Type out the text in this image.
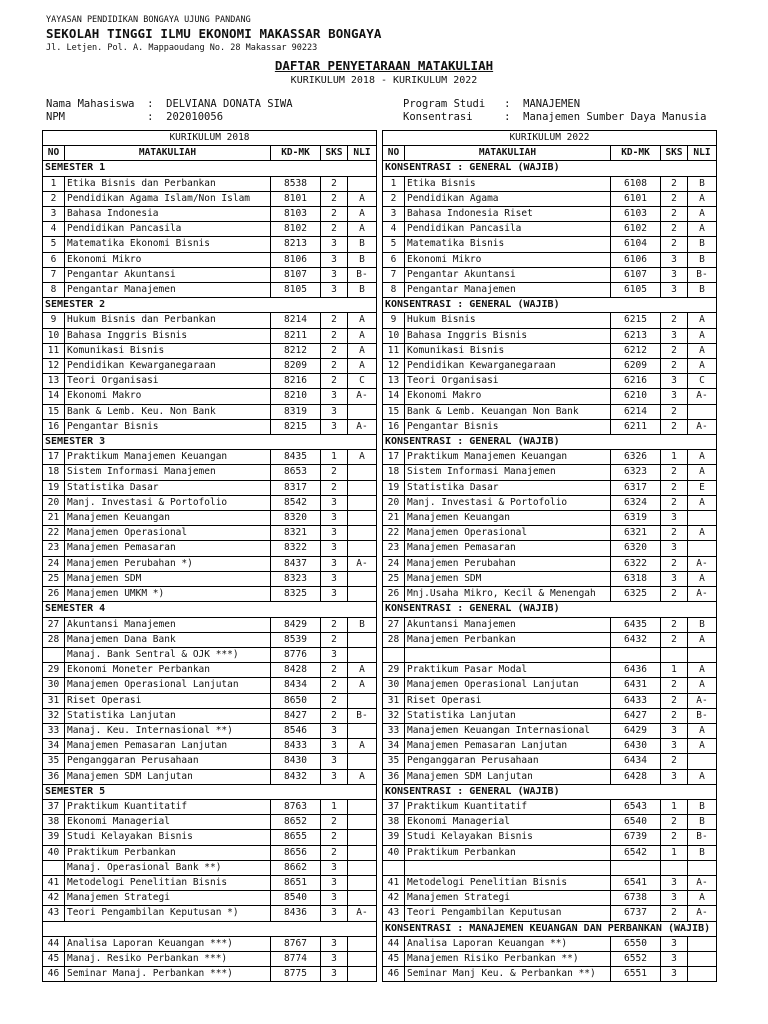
YAYASAN PENDIDIKAN BONGAYA UJUNG PANDANG
SEKOLAH TINGGI ILMU EKONOMI MAKASSAR BONGAYA
Jl. Letjen. Pol. A. Mappaoudang No. 28 Makassar 90223
DAFTAR PENYETARAAN MATAKULIAH
KURIKULUM 2018 - KURIKULUM 2022
Nama Mahasiswa  :  DELVIANA DONATA SIWA
NPM             :  202010056
Program Studi   :  MANAJEMEN
Konsentrasi     :  Manajemen Sumber Daya Manusia
KURIKULUM 2018				
NO	MATAKULIAH	KD-MK	SKS	NLI
SEMESTER 1				
1	Etika Bisnis dan Perbankan	8538	2	
2	Pendidikan Agama Islam/Non Islam	8101	2	A
3	Bahasa Indonesia	8103	2	A
4	Pendidikan Pancasila	8102	2	A
5	Matematika Ekonomi Bisnis	8213	3	B
6	Ekonomi Mikro	8106	3	B
7	Pengantar Akuntansi	8107	3	B-
8	Pengantar Manajemen	8105	3	B
SEMESTER 2				
9	Hukum Bisnis dan Perbankan	8214	2	A
10	Bahasa Inggris Bisnis	8211	2	A
11	Komunikasi Bisnis	8212	2	A
12	Pendidikan Kewarganegaraan	8209	2	A
13	Teori Organisasi	8216	2	C
14	Ekonomi Makro	8210	3	A-
15	Bank & Lemb. Keu. Non Bank	8319	3	
16	Pengantar Bisnis	8215	3	A-
SEMESTER 3				
17	Praktikum Manajemen Keuangan	8435	1	A
18	Sistem Informasi Manajemen	8653	2	
19	Statistika Dasar	8317	2	
20	Manj. Investasi & Portofolio	8542	3	
21	Manajemen Keuangan	8320	3	
22	Manajemen Operasional	8321	3	
23	Manajemen Pemasaran	8322	3	
24	Manajemen Perubahan *)	8437	3	A-
25	Manajemen SDM	8323	3	
26	Manajemen UMKM *)	8325	3	
SEMESTER 4				
27	Akuntansi Manajemen	8429	2	B
28	Manajemen Dana Bank	8539	2	
	Manaj. Bank Sentral & OJK ***)	8776	3	
29	Ekonomi Moneter Perbankan	8428	2	A
30	Manajemen Operasional Lanjutan	8434	2	A
31	Riset Operasi	8650	2	
32	Statistika Lanjutan	8427	2	B-
33	Manaj. Keu. Internasional **)	8546	3	
34	Manajemen Pemasaran Lanjutan	8433	3	A
35	Penganggaran Perusahaan	8430	3	
36	Manajemen SDM Lanjutan	8432	3	A
SEMESTER 5				
37	Praktikum Kuantitatif	8763	1	
38	Ekonomi Managerial	8652	2	
39	Studi Kelayakan Bisnis	8655	2	
40	Praktikum Perbankan	8656	2	
	Manaj. Operasional Bank **)	8662	3	
41	Metodelogi Penelitian Bisnis	8651	3	
42	Manajemen Strategi	8540	3	
43	Teori Pengambilan Keputusan *)	8436	3	A-

44	Analisa Laporan Keuangan ***)	8767	3	
45	Manaj. Resiko Perbankan ***)	8774	3	
46	Seminar Manaj. Perbankan ***)	8775	3	
KURIKULUM 2022				
NO	MATAKULIAH	KD-MK	SKS	NLI
KONSENTRASI : GENERAL (WAJIB)				
1	Etika Bisnis	6108	2	B
2	Pendidikan Agama	6101	2	A
3	Bahasa Indonesia Riset	6103	2	A
4	Pendidikan Pancasila	6102	2	A
5	Matematika Bisnis	6104	2	B
6	Ekonomi Mikro	6106	3	B
7	Pengantar Akuntansi	6107	3	B-
8	Pengantar Manajemen	6105	3	B
KONSENTRASI : GENERAL (WAJIB)				
9	Hukum Bisnis	6215	2	A
10	Bahasa Inggris Bisnis	6213	3	A
11	Komunikasi Bisnis	6212	2	A
12	Pendidikan Kewarganegaraan	6209	2	A
13	Teori Organisasi	6216	3	C
14	Ekonomi Makro	6210	3	A-
15	Bank & Lemb. Keuangan Non Bank	6214	2	
16	Pengantar Bisnis	6211	2	A-
KONSENTRASI : GENERAL (WAJIB)				
17	Praktikum Manajemen Keuangan	6326	1	A
18	Sistem Informasi Manajemen	6323	2	A
19	Statistika Dasar	6317	2	E
20	Manj. Investasi & Portofolio	6324	2	A
21	Manajemen Keuangan	6319	3	
22	Manajemen Operasional	6321	2	A
23	Manajemen Pemasaran	6320	3	
24	Manajemen Perubahan	6322	2	A-
25	Manajemen SDM	6318	3	A
26	Mnj.Usaha Mikro, Kecil & Menengah	6325	2	A-
KONSENTRASI : GENERAL (WAJIB)				
27	Akuntansi Manajemen	6435	2	B
28	Manajemen Perbankan	6432	2	A

29	Praktikum Pasar Modal	6436	1	A
30	Manajemen Operasional Lanjutan	6431	2	A
31	Riset Operasi	6433	2	A-
32	Statistika Lanjutan	6427	2	B-
33	Manajemen Keuangan Internasional	6429	3	A
34	Manajemen Pemasaran Lanjutan	6430	3	A
35	Penganggaran Perusahaan	6434	2	
36	Manajemen SDM Lanjutan	6428	3	A
KONSENTRASI : GENERAL (WAJIB)				
37	Praktikum Kuantitatif	6543	1	B
38	Ekonomi Managerial	6540	2	B
39	Studi Kelayakan Bisnis	6739	2	B-
40	Praktikum Perbankan	6542	1	B

41	Metodelogi Penelitian Bisnis	6541	3	A-
42	Manajemen Strategi	6738	3	A
43	Teori Pengambilan Keputusan	6737	2	A-
KONSENTRASI : MANAJEMEN KEUANGAN DAN PERBANKAN (WAJIB)				
44	Analisa Laporan Keuangan **)	6550	3	
45	Manajemen Risiko Perbankan **)	6552	3	
46	Seminar Manj Keu. & Perbankan **)	6551	3	
